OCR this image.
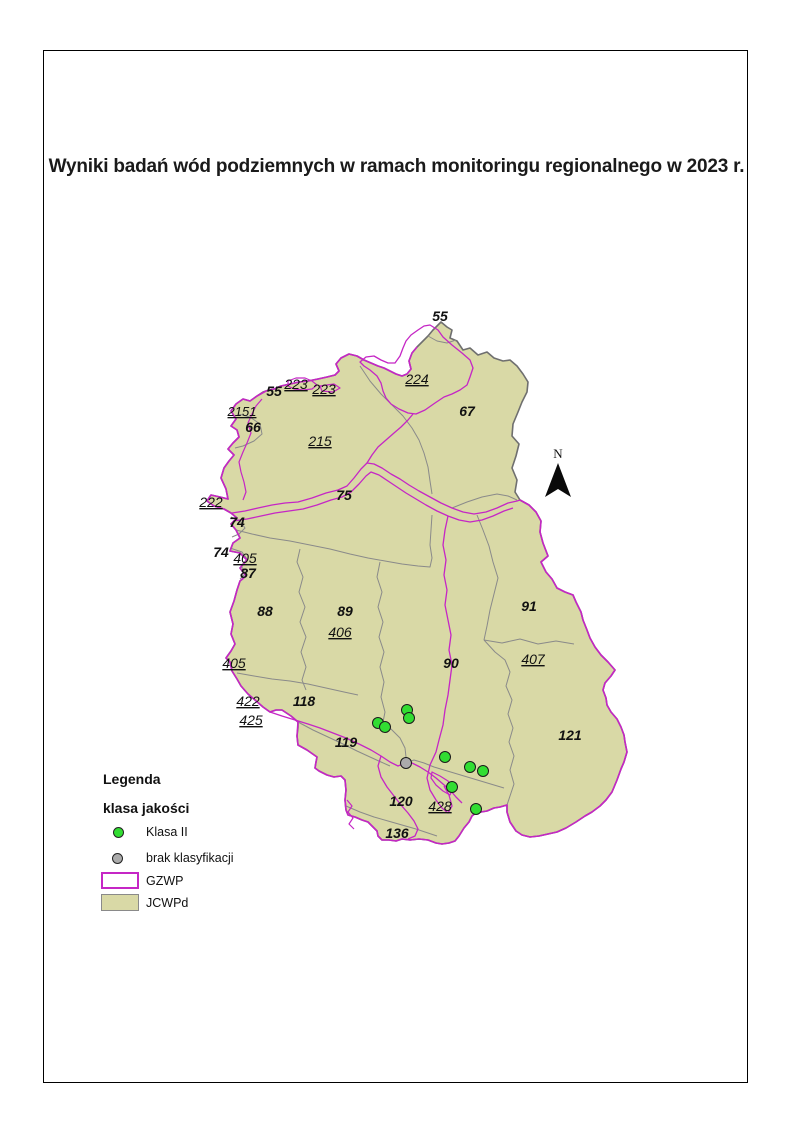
Wyniki badań wód podziemnych w ramach monitoringu regionalnego w 2023 r.
55
67
55
66
75
74
74
87
88	89
90
91
118
119
120
121
136
224
223 223
2151
215
222
405
406
407
405
422
425
428
N
Legenda
klasa jakości
Klasa II
brak klasyfikacji
GZWP
JCWPd
